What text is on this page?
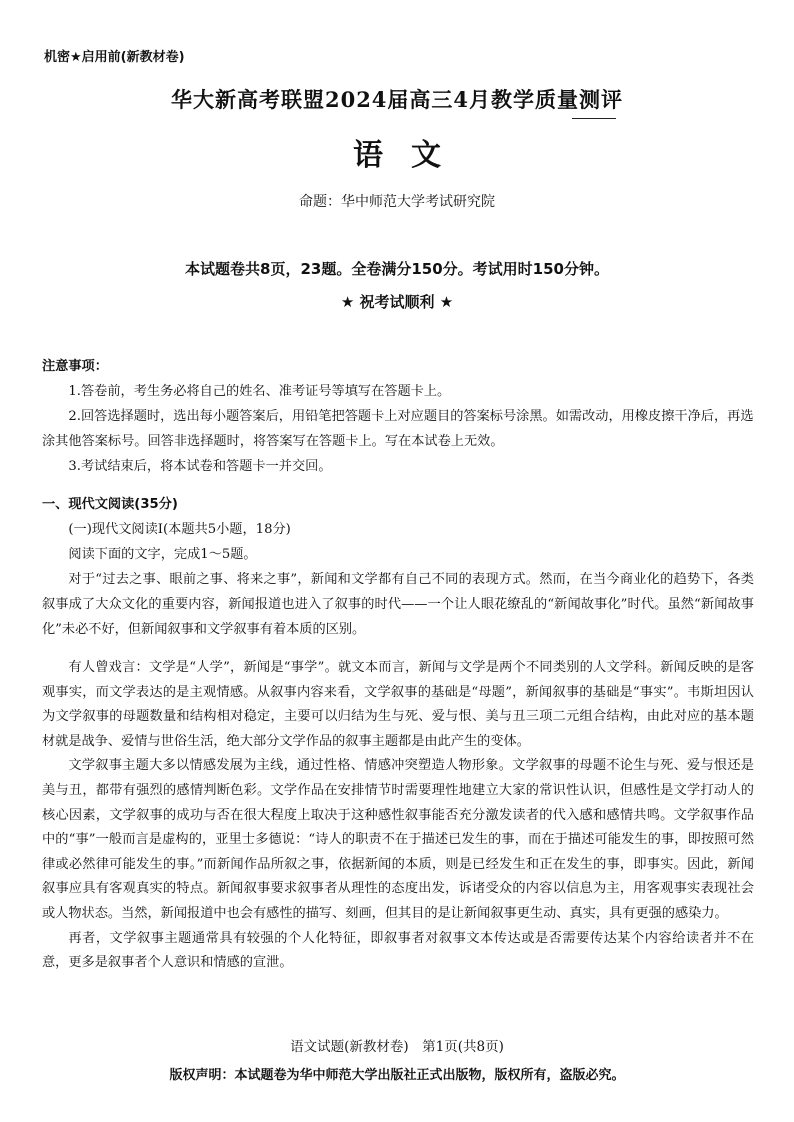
机密★启用前(新教材卷)
华大新高考联盟2024届高三4月教学质量测评
语文
命题：华中师范大学考试研究院
本试题卷共8页，23题。全卷满分150分。考试用时150分钟。
★ 祝考试顺利 ★
注意事项：

1.答卷前，考生务必将自己的姓名、准考证号等填写在答题卡上。

2.回答选择题时，选出每小题答案后，用铅笔把答题卡上对应题目的答案标号涂黑。如需改动，用橡皮擦干净后，再选涂其他答案标号。回答非选择题时，将答案写在答题卡上。写在本试卷上无效。

3.考试结束后，将本试卷和答题卡一并交回。

一、现代文阅读(35分)

(一)现代文阅读Ⅰ(本题共5小题，18分)

阅读下面的文字，完成1～5题。

对于“过去之事、眼前之事、将来之事”，新闻和文学都有自己不同的表现方式。然而，在当今商业化的趋势下，各类叙事成了大众文化的重要内容，新闻报道也进入了叙事的时代——一个让人眼花缭乱的“新闻故事化”时代。虽然“新闻故事化”未必不好，但新闻叙事和文学叙事有着本质的区别。

有人曾戏言：文学是“人学”，新闻是“事学”。就文本而言，新闻与文学是两个不同类别的人文学科。新闻反映的是客观事实，而文学表达的是主观情感。从叙事内容来看，文学叙事的基础是“母题”，新闻叙事的基础是“事实”。韦斯坦因认为文学叙事的母题数量和结构相对稳定，主要可以归结为生与死、爱与恨、美与丑三项二元组合结构，由此对应的基本题材就是战争、爱情与世俗生活，绝大部分文学作品的叙事主题都是由此产生的变体。

文学叙事主题大多以情感发展为主线，通过性格、情感冲突塑造人物形象。文学叙事的母题不论生与死、爱与恨还是美与丑，都带有强烈的感情判断色彩。文学作品在安排情节时需要理性地建立大家的常识性认识，但感性是文学打动人的核心因素，文学叙事的成功与否在很大程度上取决于这种感性叙事能否充分激发读者的代入感和感情共鸣。文学叙事作品中的“事”一般而言是虚构的，亚里士多德说：“诗人的职责不在于描述已发生的事，而在于描述可能发生的事，即按照可然律或必然律可能发生的事。”而新闻作品所叙之事，依据新闻的本质，则是已经发生和正在发生的事，即事实。因此，新闻叙事应具有客观真实的特点。新闻叙事要求叙事者从理性的态度出发，诉诸受众的内容以信息为主，用客观事实表现社会或人物状态。当然，新闻报道中也会有感性的描写、刻画，但其目的是让新闻叙事更生动、真实，具有更强的感染力。

再者，文学叙事主题通常具有较强的个人化特征，即叙事者对叙事文本传达或是否需要传达某个内容给读者并不在意，更多是叙事者个人意识和情感的宣泄。

语文试题(新教材卷)　第1页(共8页)
版权声明：本试题卷为华中师范大学出版社正式出版物，版权所有，盗版必究。
